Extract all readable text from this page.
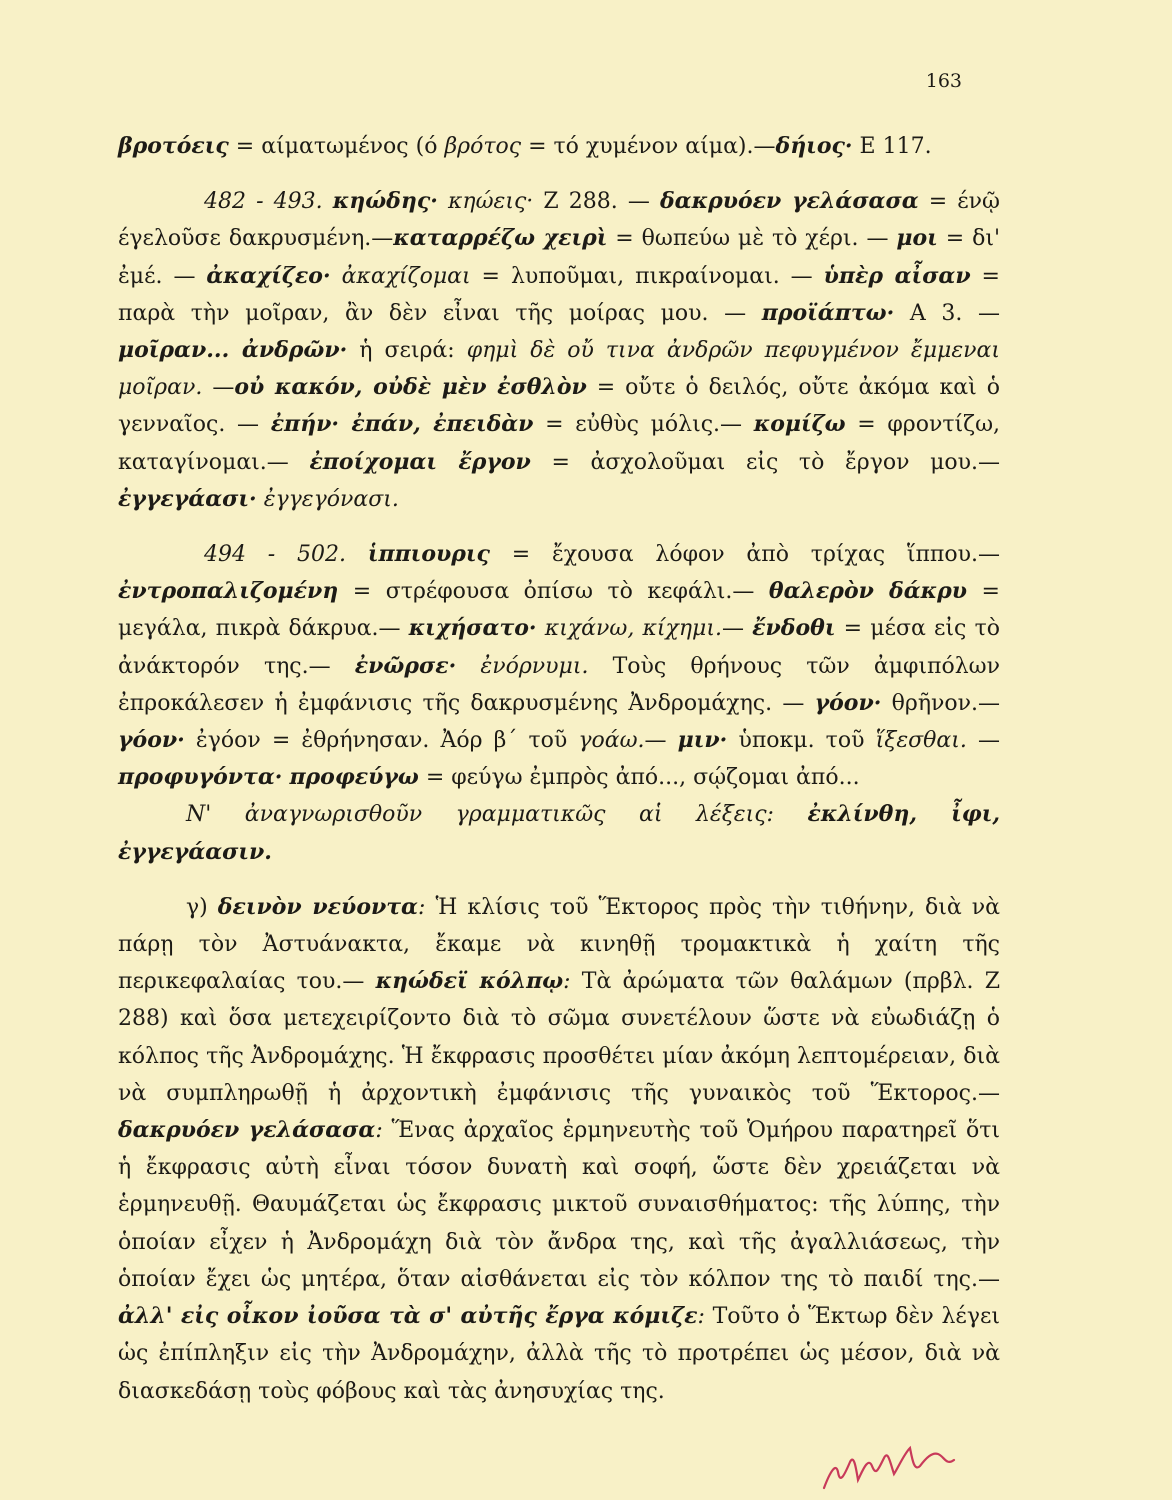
163

βροτόεις = αίματωμένος (ό βρότος = τό χυμένον αίμα).—δήιος· Ε 117.

482 - 493. κηώδης· κηώεις· Ζ 288. — δακρυόεν γελάσασα = ένῷ έγελοῦσε δακρυσμένη.—καταρρέζω χειρὶ = θωπεύω μὲ τὸ χέρι. — μοι = δι' ἐμέ. — ἀκαχίζεο· ἀκαχίζομαι = λυποῦμαι, πικραίνομαι. — ὑπὲρ αἶσαν = παρὰ τὴν μοῖραν, ἂν δὲν εἶναι τῆς μοίρας μου. — προϊάπτω· Α 3. — μοῖραν... ἀνδρῶν· ἡ σειρά: φημὶ δὲ οὔ τινα ἀνδρῶν πεφυγμένον ἔμμεναι μοῖραν. —οὐ κακόν, οὐδὲ μὲν ἐσθλὸν = οὔτε ὁ δειλός, οὔτε ἀκόμα καὶ ὁ γενναῖος. — ἐπήν· ἐπάν, ἐπειδὰν = εὐθὺς μόλις.— κομίζω = φροντίζω, καταγίνομαι.— ἐποίχομαι ἔργον = ἀσχολοῦμαι εἰς τὸ ἔργον μου.— ἐγγεγάασι· ἐγγεγόνασι.

494 - 502. ἱππιουρις = ἔχουσα λόφον ἀπὸ τρίχας ἵππου.— ἐντροπαλιζομένη = στρέφουσα ὀπίσω τὸ κεφάλι.— θαλερὸν δάκρυ = μεγάλα, πικρὰ δάκρυα.— κιχήσατο· κιχάνω, κίχημι.— ἔνδοθι = μέσα εἰς τὸ ἀνάκτορόν της.— ἐνῶρσε· ἐνόρνυμι. Τοὺς θρήνους τῶν ἀμφιπόλων ἐπροκάλεσεν ἡ ἐμφάνισις τῆς δακρυσμένης Ἀνδρομάχης. — γόον· θρῆνον.— γόον· ἐγόον = ἐθρήνησαν. Ἀόρ β´ τοῦ γοάω.— μιν· ὑποκμ. τοῦ ἵξεσθαι. — προφυγόντα· προφεύγω = φεύγω ἐμπρὸς ἀπό..., σῴζομαι ἀπό...

Ν' ἀναγνωρισθοῦν γραμματικῶς αἱ λέξεις: ἐκλίνθη, ἶφι, ἐγγεγάασιν.

γ) δεινὸν νεύοντα: Ἡ κλίσις τοῦ Ἕκτορος πρὸς τὴν τιθήνην, διὰ νὰ πάρῃ τὸν Ἀστυάνακτα, ἔκαμε νὰ κινηθῇ τρομακτικὰ ἡ χαίτη τῆς περικεφαλαίας του.— κηώδεϊ κόλπῳ: Τὰ ἀρώματα τῶν θαλάμων (πρβλ. Ζ 288) καὶ ὅσα μετεχειρίζοντο διὰ τὸ σῶμα συνετέλουν ὥστε νὰ εὐωδιάζῃ ὁ κόλπος τῆς Ἀνδρομάχης. Ἡ ἔκφρασις προσθέτει μίαν ἀκόμη λεπτομέρειαν, διὰ νὰ συμπληρωθῇ ἡ ἀρχοντικὴ ἐμφάνισις τῆς γυναικὸς τοῦ Ἕκτορος.— δακρυόεν γελάσασα: Ἕνας ἀρχαῖος ἑρμηνευτὴς τοῦ Ὁμήρου παρατηρεῖ ὅτι ἡ ἔκφρασις αὐτὴ εἶναι τόσον δυνατὴ καὶ σοφή, ὥστε δὲν χρειάζεται νὰ ἑρμηνευθῇ. Θαυμάζεται ὡς ἔκφρασις μικτοῦ συναισθήματος: τῆς λύπης, τὴν ὁποίαν εἶχεν ἡ Ἀνδρομάχη διὰ τὸν ἄνδρα της, καὶ τῆς ἀγαλλιάσεως, τὴν ὁποίαν ἔχει ὡς μητέρα, ὅταν αἰσθάνεται εἰς τὸν κόλπον της τὸ παιδί της.—ἀλλ' εἰς οἶκον ἰοῦσα τὰ σ' αὐτῆς ἔργα κόμιζε: Τοῦτο ὁ Ἕκτωρ δὲν λέγει ὡς ἐπίπληξιν εἰς τὴν Ἀνδρομάχην, ἀλλὰ τῆς τὸ προτρέπει ὡς μέσον, διὰ νὰ διασκεδάσῃ τοὺς φόβους καὶ τὰς ἀνησυχίας της.
